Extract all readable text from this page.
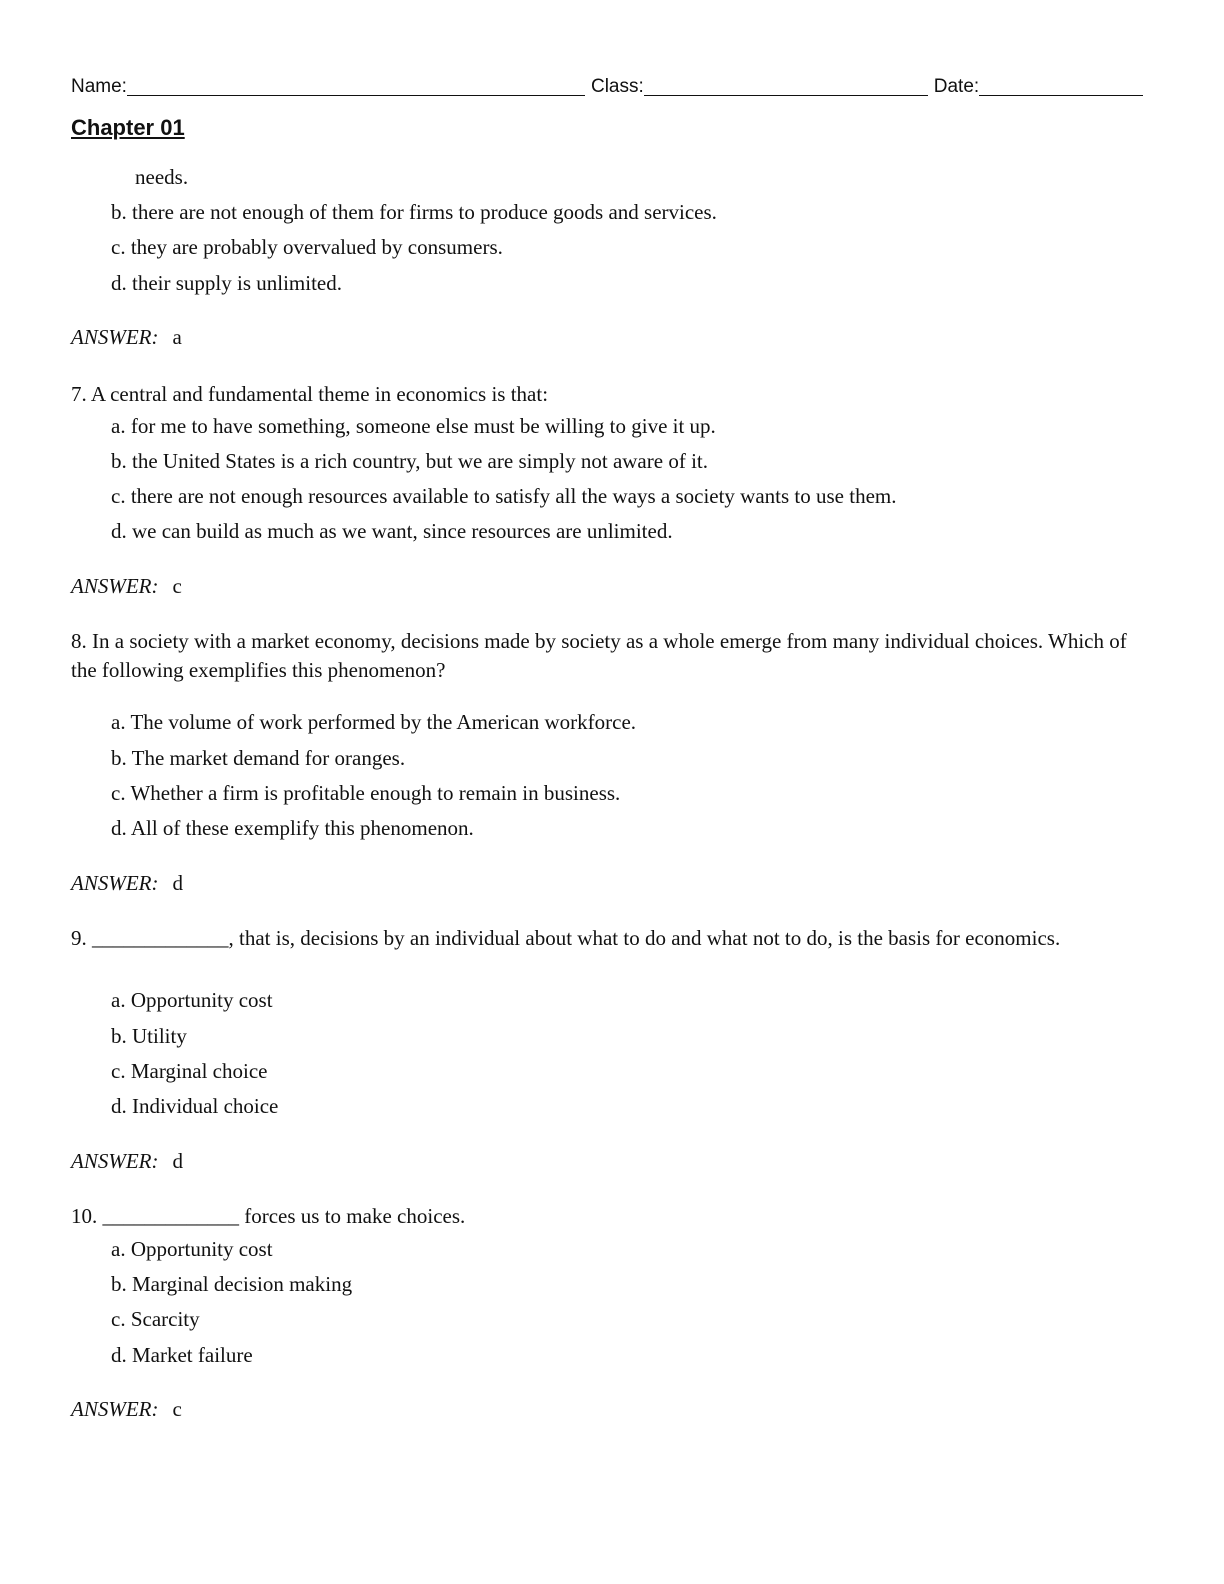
Name:	Class:	Date:
Chapter 01
needs.
b. there are not enough of them for firms to produce goods and services.
c. they are probably overvalued by consumers.
d. their supply is unlimited.
ANSWER: a
7. A central and fundamental theme in economics is that:
a. for me to have something, someone else must be willing to give it up.
b. the United States is a rich country, but we are simply not aware of it.
c. there are not enough resources available to satisfy all the ways a society wants to use them.
d. we can build as much as we want, since resources are unlimited.
ANSWER: c
8. In a society with a market economy, decisions made by society as a whole emerge from many individual choices. Which of the following exemplifies this phenomenon?
a. The volume of work performed by the American workforce.
b. The market demand for oranges.
c. Whether a firm is profitable enough to remain in business.
d. All of these exemplify this phenomenon.
ANSWER: d
9. _____________, that is, decisions by an individual about what to do and what not to do, is the basis for economics.
a. Opportunity cost
b. Utility
c. Marginal choice
d. Individual choice
ANSWER: d
10. _____________ forces us to make choices.
a. Opportunity cost
b. Marginal decision making
c. Scarcity
d. Market failure
ANSWER: c
